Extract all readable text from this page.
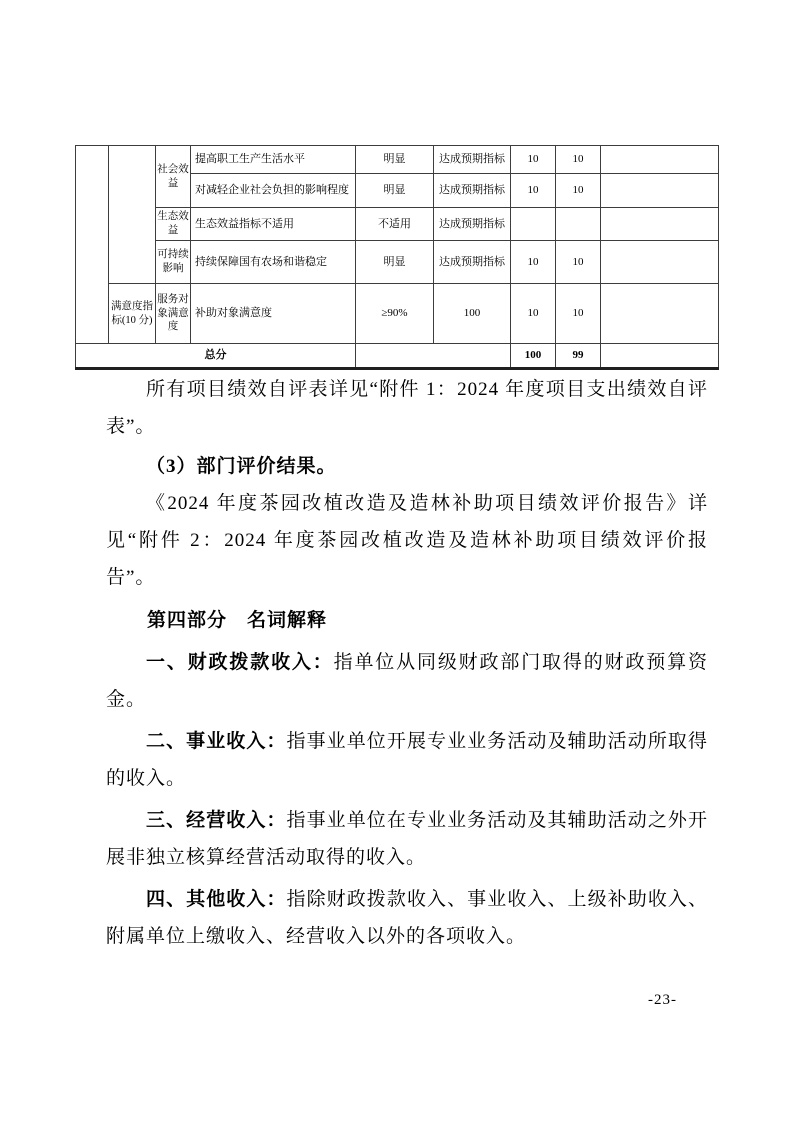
		社会效益	提高职工生产生活水平	明显	达成预期指标	10	10	
			对减轻企业社会负担的影响程度	明显	达成预期指标	10	10	
		生态效益	生态效益指标不适用	不适用	达成预期指标			
		可持续影响	持续保障国有农场和谐稳定	明显	达成预期指标	10	10	
	满意度指标(10 分)	服务对象满意度	补助对象满意度	≥90%	100	10	10	
总分						100	99	

所有项目绩效自评表详见“附件 1：2024 年度项目支出绩效自评表”。

（3）部门评价结果。

《2024 年度茶园改植改造及造林补助项目绩效评价报告》详见“附件 2：2024 年度茶园改植改造及造林补助项目绩效评价报告”。

第四部分　名词解释

一、财政拨款收入：指单位从同级财政部门取得的财政预算资金。

二、事业收入：指事业单位开展专业业务活动及辅助活动所取得的收入。

三、经营收入：指事业单位在专业业务活动及其辅助活动之外开展非独立核算经营活动取得的收入。

四、其他收入：指除财政拨款收入、事业收入、上级补助收入、附属单位上缴收入、经营收入以外的各项收入。

-23-
